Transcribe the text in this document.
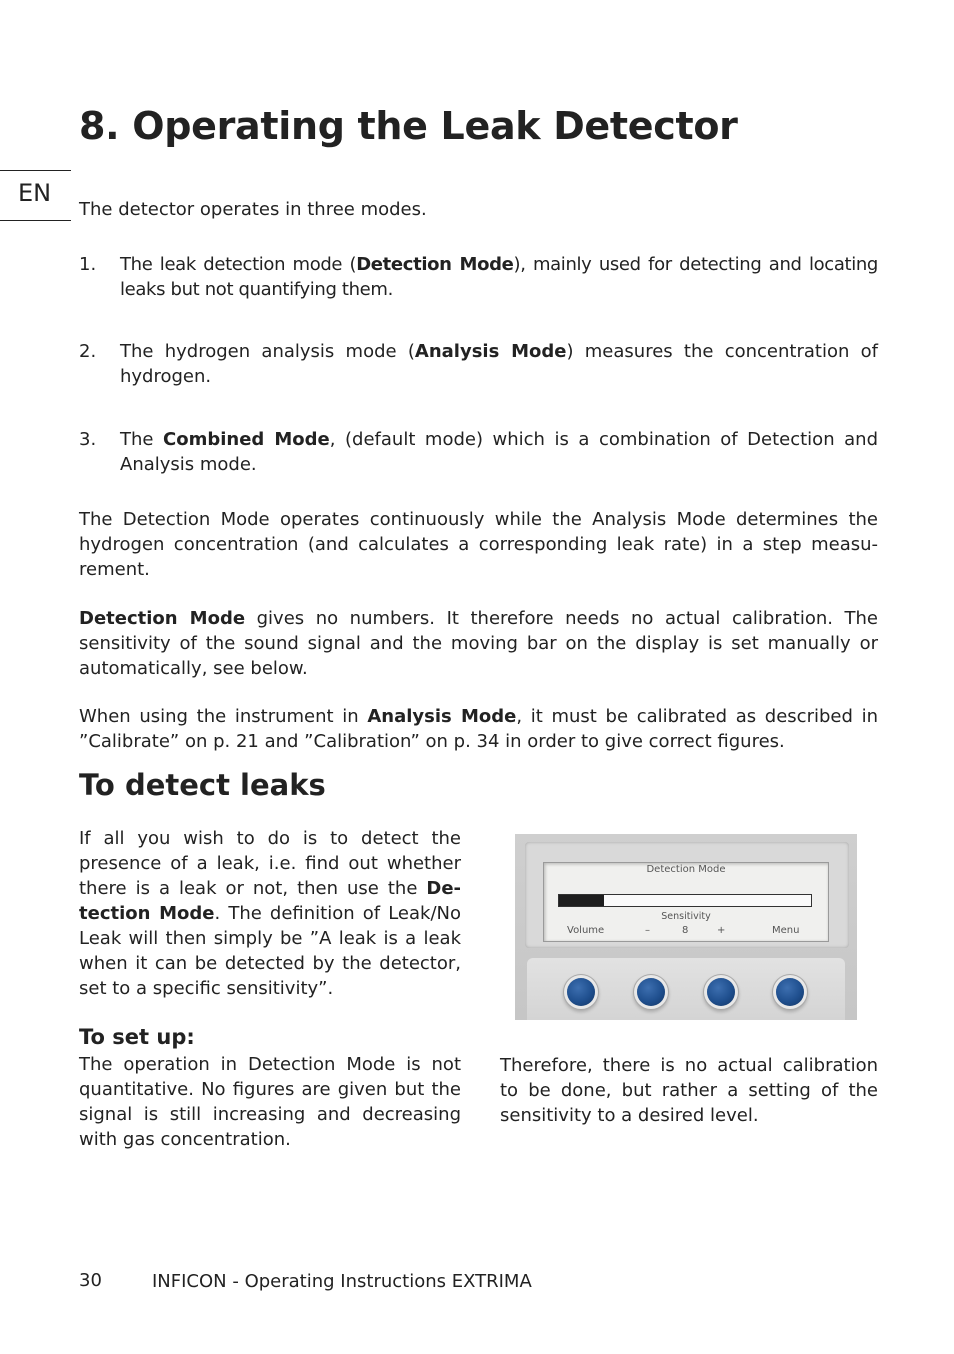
8. Operating the Leak Detector
EN

The detector operates in three modes.

1. The leak detection mode (Detection Mode), mainly used for detecting and locating leaks but not quantifying them.

2. The hydrogen analysis mode (Analysis Mode) measures the concentration of hydrogen.

3. The Combined Mode, (default mode) which is a combination of Detection and Analysis mode.

The Detection Mode operates continuously while the Analysis Mode determines the hydrogen concentration (and calculates a corresponding leak rate) in a step measu-rement.

Detection Mode gives no numbers. It therefore needs no actual calibration. The sensitivity of the sound signal and the moving bar on the display is set manually or automatically, see below.

When using the instrument in Analysis Mode, it must be calibrated as described in ”Calibrate” on p. 21 and ”Calibration” on p. 34 in order to give correct figures.

To detect leaks

If all you wish to do is to detect the presence of a leak, i.e. find out whether there is a leak or not, then use the De-tection Mode. The definition of Leak/No Leak will then simply be ”A leak is a leak when it can be detected by the detector, set to a specific sensitivity”.

To set up:

The operation in Detection Mode is not quantitative. No figures are given but the signal is still increasing and decreasing with gas concentration.

Detection Mode
Sensitivity
Volume	–	8	+	Menu

Therefore, there is no actual calibration to be done, but rather a setting of the sensitivity to a desired level.

30	INFICON - Operating Instructions EXTRIMA
